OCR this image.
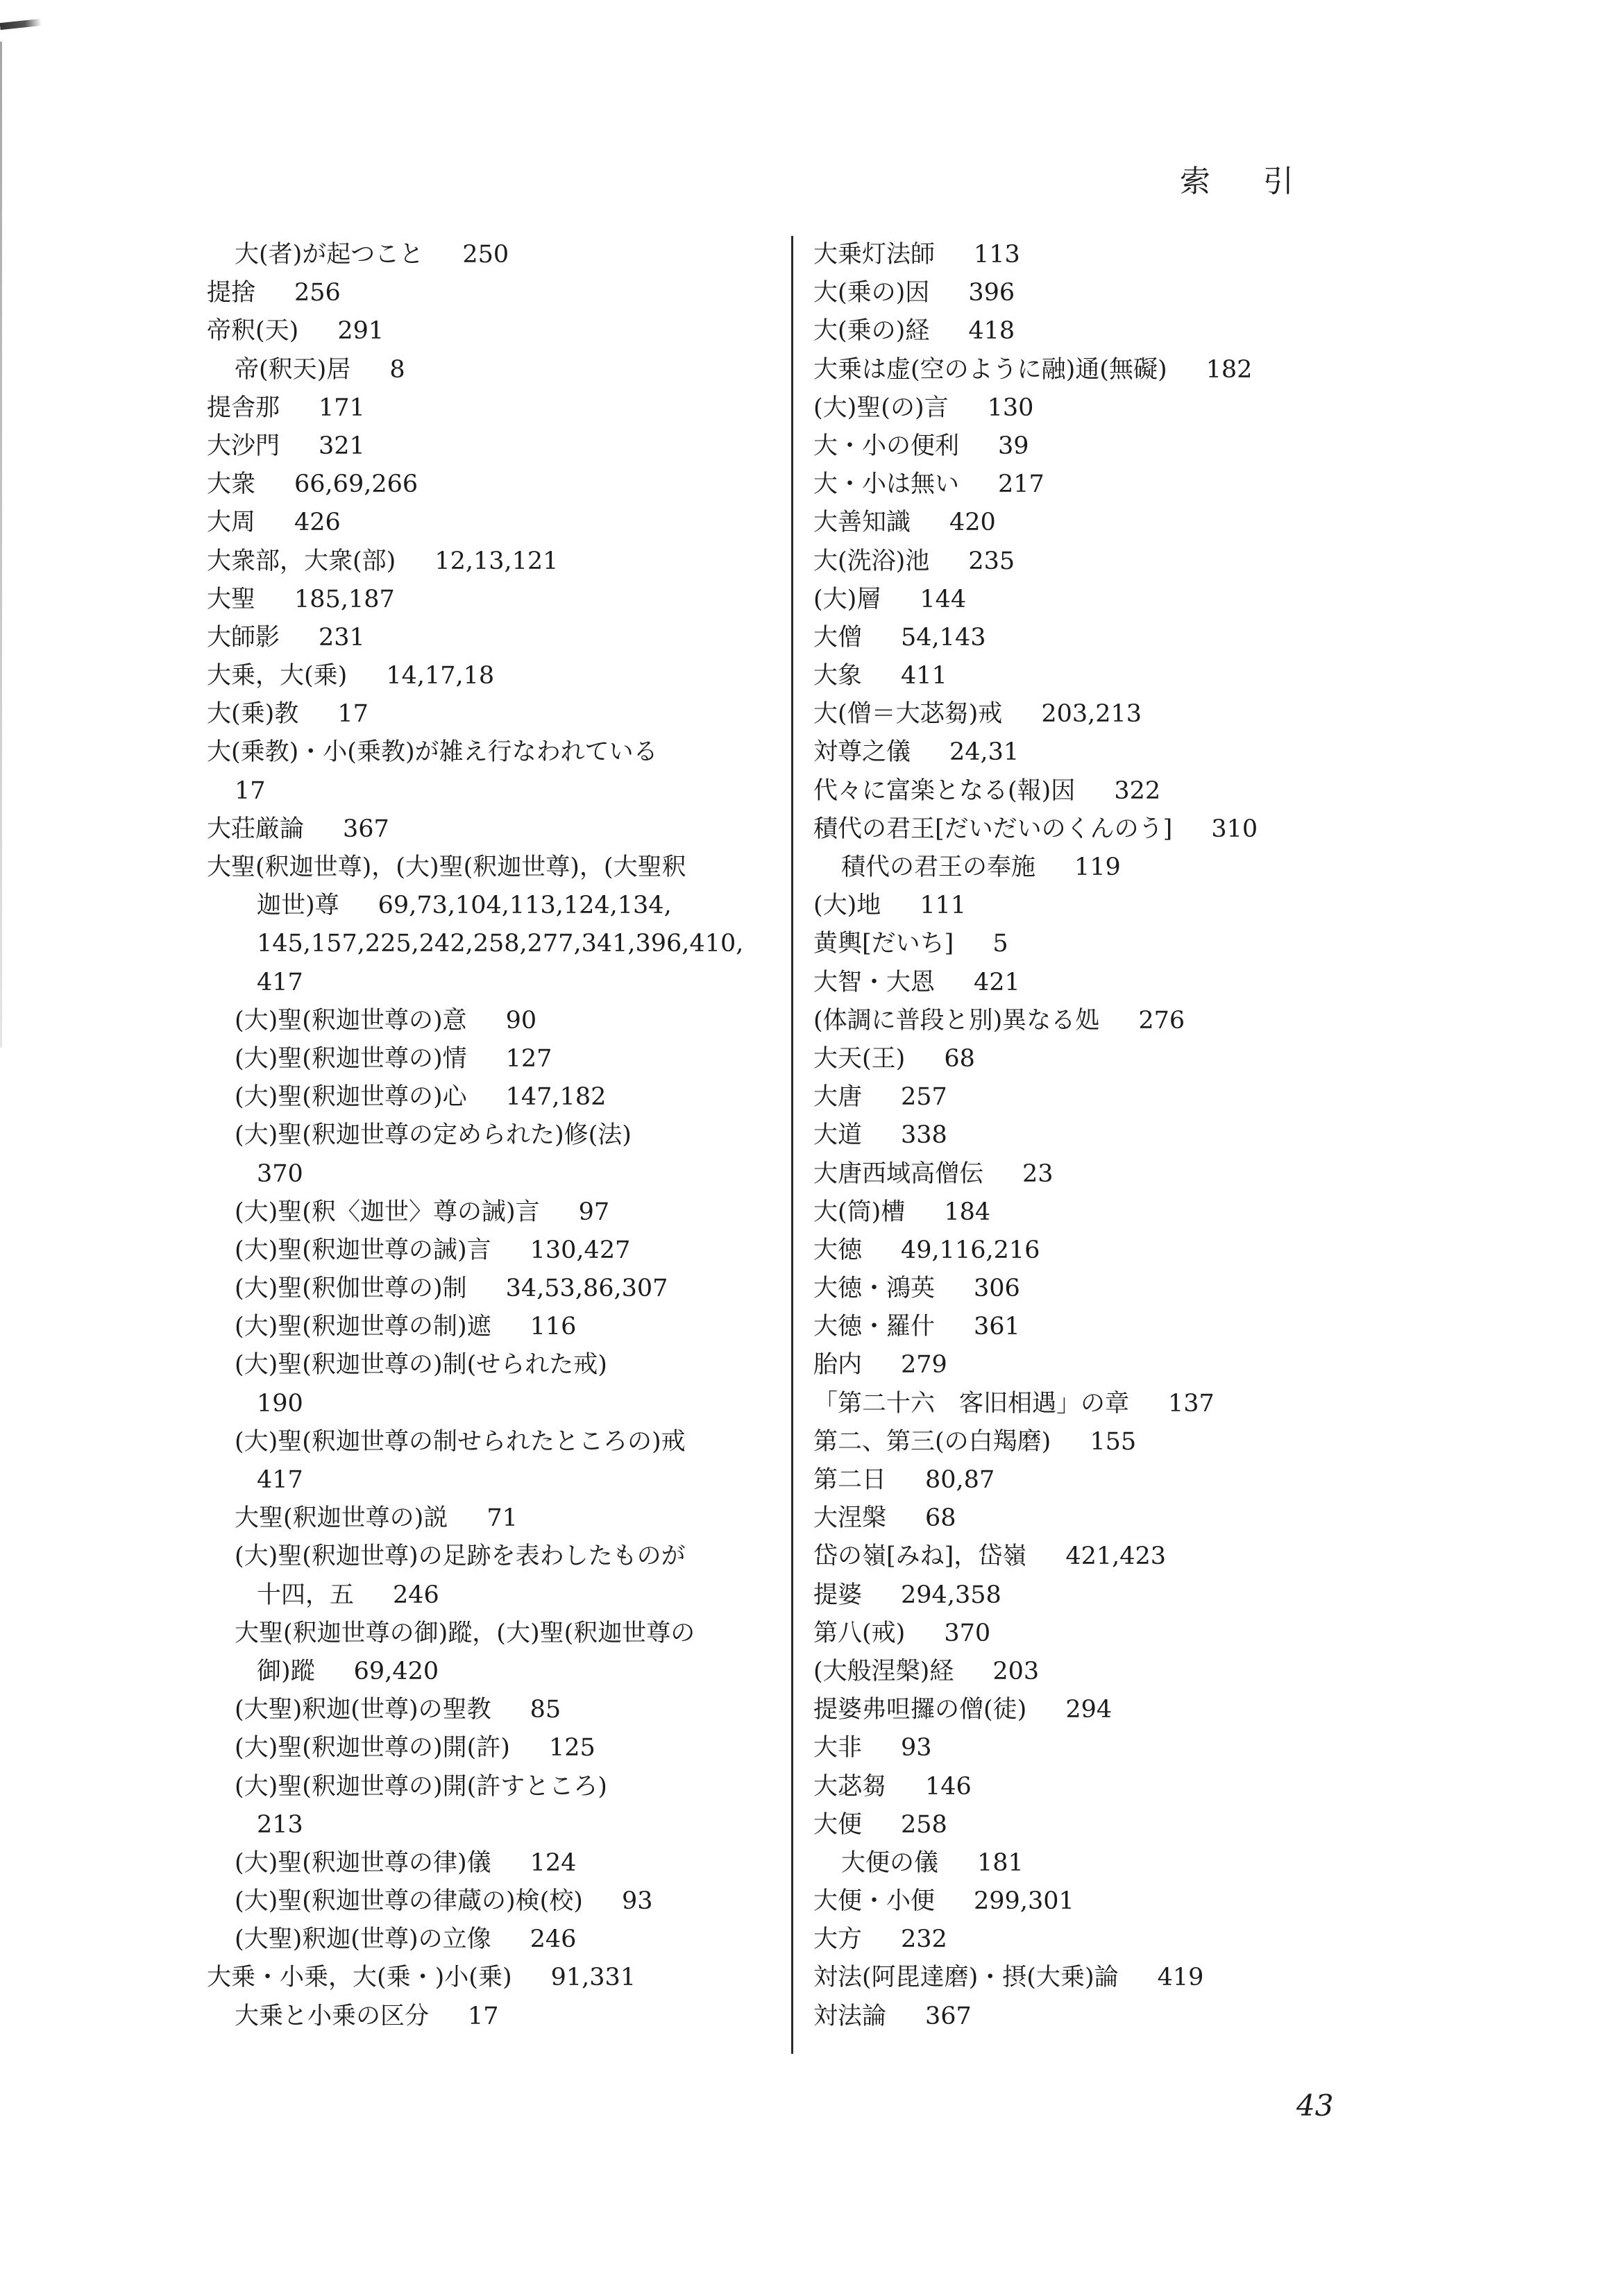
索 引
大(者)が起つこと 250
提捨 256
帝釈(天) 291
帝(釈天)居 8
提舎那 171
大沙門 321
大衆 66,69,266
大周 426
大衆部，大衆(部) 12,13,121
大聖 185,187
大師影 231
大乗，大(乗) 14,17,18
大(乗)教 17
大(乗教)・小(乗教)が雑え行なわれている
17
大荘厳論 367
大聖(釈迦世尊)，(大)聖(釈迦世尊)，(大聖釈
迦世)尊 69,73,104,113,124,134,
145,157,225,242,258,277,341,396,410,
417
(大)聖(釈迦世尊の)意 90
(大)聖(釈迦世尊の)情 127
(大)聖(釈迦世尊の)心 147,182
(大)聖(釈迦世尊の定められた)修(法)
370
(大)聖(釈〈迦世〉尊の誡)言 97
(大)聖(釈迦世尊の誡)言 130,427
(大)聖(釈伽世尊の)制 34,53,86,307
(大)聖(釈迦世尊の制)遮 116
(大)聖(釈迦世尊の)制(せられた戒)
190
(大)聖(釈迦世尊の制せられたところの)戒
417
大聖(釈迦世尊の)説 71
(大)聖(釈迦世尊)の足跡を表わしたものが
十四，五 246
大聖(釈迦世尊の御)蹤，(大)聖(釈迦世尊の
御)蹤 69,420
(大聖)釈迦(世尊)の聖教 85
(大)聖(釈迦世尊の)開(許) 125
(大)聖(釈迦世尊の)開(許すところ)
213
(大)聖(釈迦世尊の律)儀 124
(大)聖(釈迦世尊の律蔵の)検(校) 93
(大聖)釈迦(世尊)の立像 246
大乗・小乗，大(乗・)小(乗) 91,331
大乗と小乗の区分 17
大乗灯法師 113
大(乗の)因 396
大(乗の)経 418
大乗は虚(空のように融)通(無礙) 182
(大)聖(の)言 130
大・小の便利 39
大・小は無い 217
大善知識 420
大(洗浴)池 235
(大)層 144
大僧 54,143
大象 411
大(僧＝大苾芻)戒 203,213
対尊之儀 24,31
代々に富楽となる(報)因 322
積代の君王[だいだいのくんのう] 310
積代の君王の奉施 119
(大)地 111
黄輿[だいち] 5
大智・大恩 421
(体調に普段と別)異なる処 276
大天(王) 68
大唐 257
大道 338
大唐西域高僧伝 23
大(筒)槽 184
大徳 49,116,216
大徳・鴻英 306
大徳・羅什 361
胎内 279
「第二十六　客旧相遇」の章 137
第二、第三(の白羯磨) 155
第二日 80,87
大涅槃 68
岱の嶺[みね]，岱嶺 421,423
提婆 294,358
第八(戒) 370
(大般涅槃)経 203
提婆弗呾攞の僧(徒) 294
大非 93
大苾芻 146
大便 258
大便の儀 181
大便・小便 299,301
大方 232
対法(阿毘達磨)・摂(大乗)論 419
対法論 367
43
